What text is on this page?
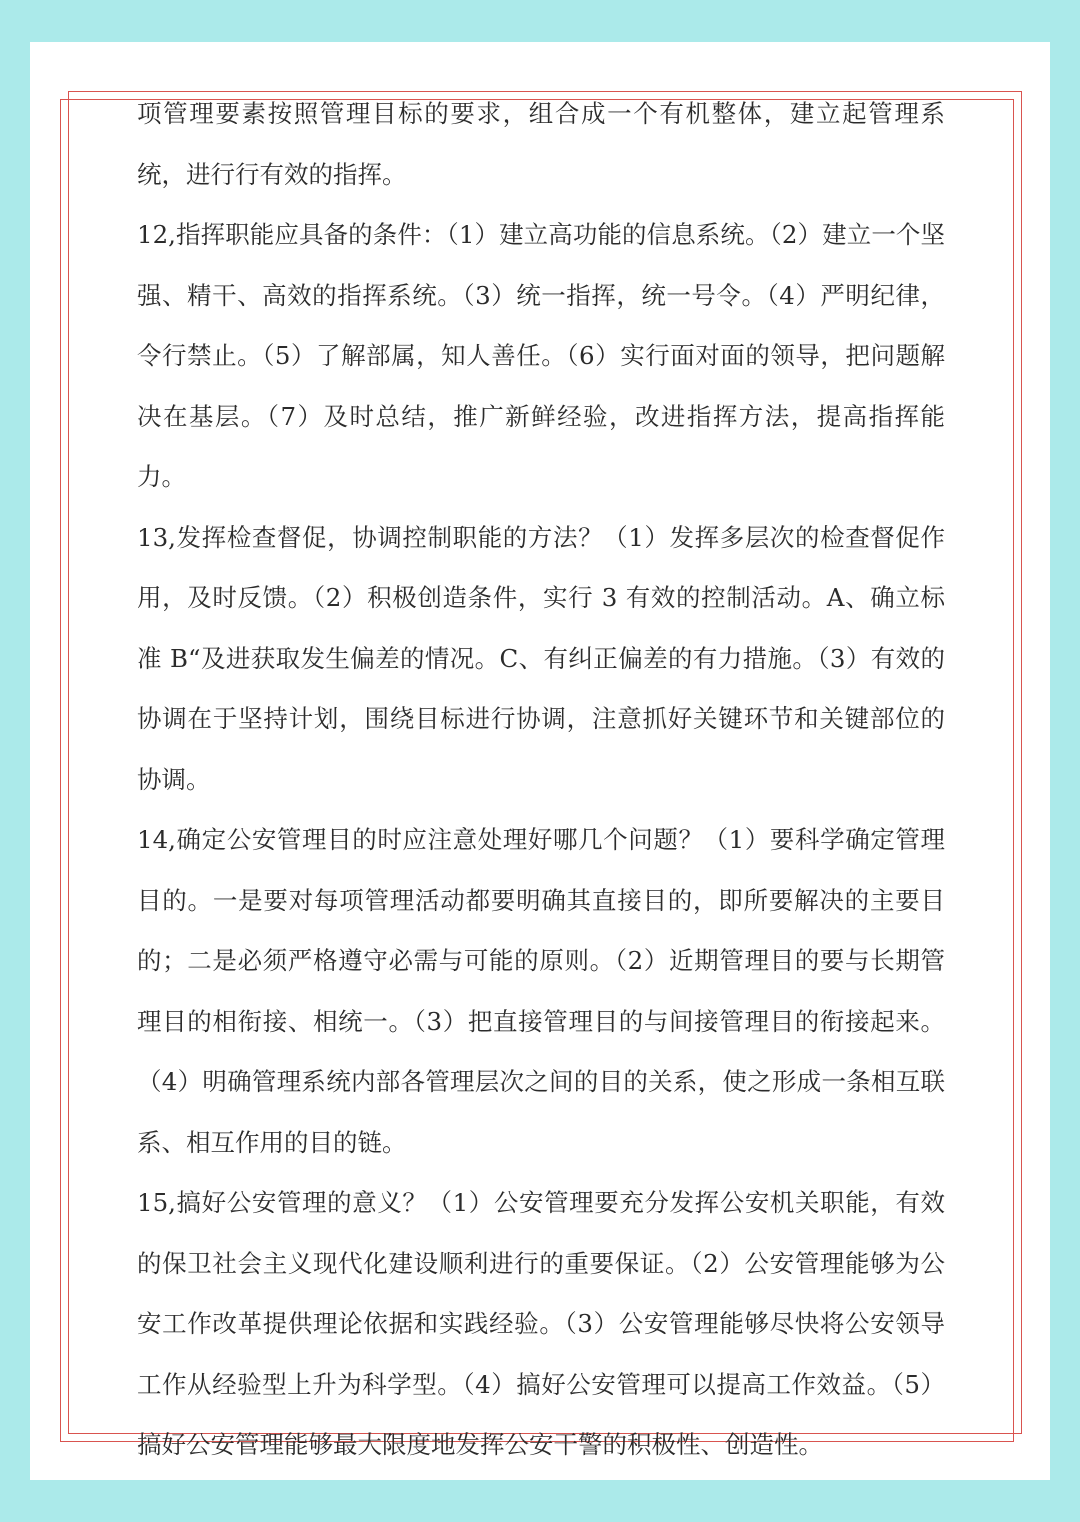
项管理要素按照管理目标的要求，组合成一个有机整体，建立起管理系统，进行行有效的指挥。

12,指挥职能应具备的条件：（1）建立高功能的信息系统。（2）建立一个坚强、精干、高效的指挥系统。（3）统一指挥，统一号令。（4）严明纪律，令行禁止。（5）了解部属，知人善任。（6）实行面对面的领导，把问题解决在基层。（7）及时总结，推广新鲜经验，改进指挥方法，提高指挥能力。

13,发挥检查督促，协调控制职能的方法？（1）发挥多层次的检查督促作用，及时反馈。（2）积极创造条件，实行 3 有效的控制活动。A、确立标准 B“及进获取发生偏差的情况。C、有纠正偏差的有力措施。（3）有效的协调在于坚持计划，围绕目标进行协调，注意抓好关键环节和关键部位的协调。

14,确定公安管理目的时应注意处理好哪几个问题？（1）要科学确定管理目的。一是要对每项管理活动都要明确其直接目的，即所要解决的主要目的；二是必须严格遵守必需与可能的原则。（2）近期管理目的要与长期管理目的相衔接、相统一。（3）把直接管理目的与间接管理目的衔接起来。（4）明确管理系统内部各管理层次之间的目的关系，使之形成一条相互联系、相互作用的目的链。

15,搞好公安管理的意义？（1）公安管理要充分发挥公安机关职能，有效的保卫社会主义现代化建设顺利进行的重要保证。（2）公安管理能够为公安工作改革提供理论依据和实践经验。（3）公安管理能够尽快将公安领导工作从经验型上升为科学型。（4）搞好公安管理可以提高工作效益。（5）搞好公安管理能够最大限度地发挥公安干警的积极性、创造性。
